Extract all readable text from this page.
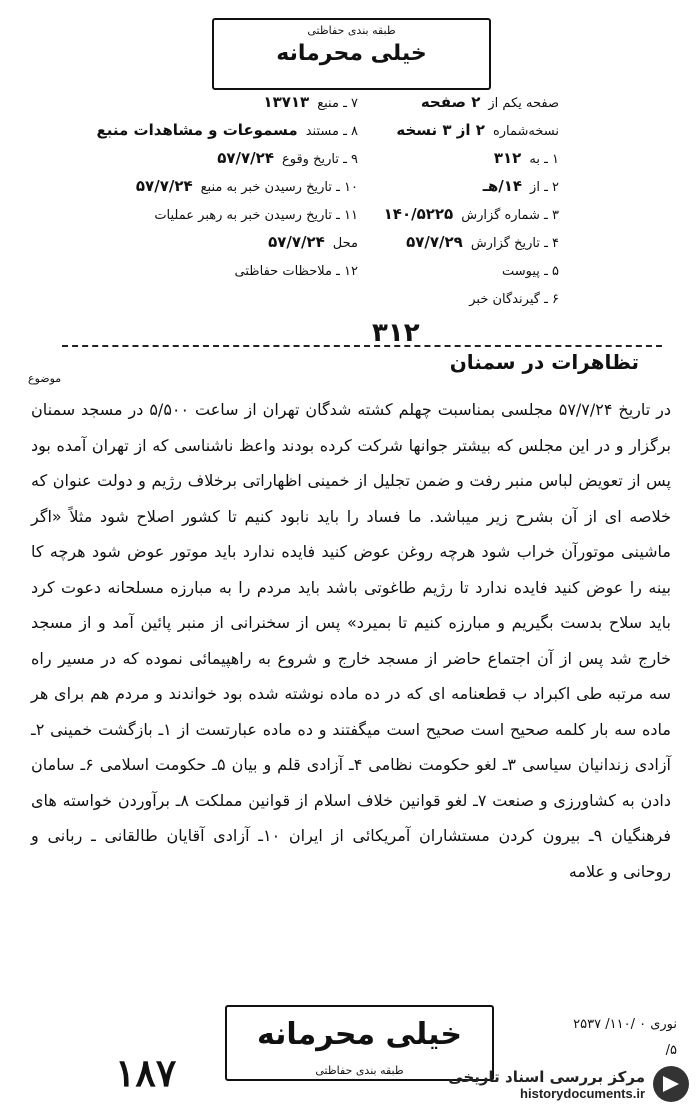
طبقه بندی حفاظتی
خیلی محرمانه
صفحه یکم از۲ صفحه
نسخه‌شماره۲ از ۳ نسخه
۱ ـ به۳۱۲
۲ ـ از۱۴/هـ
۳ ـ شماره گزارش۱۴۰/۵۲۲۵
۴ ـ تاریخ گزارش۵۷/۷/۲۹
۵ ـ پیوست
۶ ـ گیرندگان خبر
۷ ـ منبع۱۳۷۱۳
۸ ـ مستندمسموعات و مشاهدات منبع
۹ ـ تاریخ وقوع۵۷/۷/۲۴
۱۰ ـ تاریخ رسیدن خبر به منبع۵۷/۷/۲۴
۱۱ ـ تاریخ رسیدن خبر به رهبر عملیات
محل۵۷/۷/۲۴
۱۲ ـ ملاحظات حفاظتی
۳۱۲
تظاهرات در سمنان
موضوع

در تاریخ ۵۷/۷/۲۴ مجلسی بمناسبت چهلم کشته شدگان تهران از ساعت ۵/۵۰۰ در مسجد سمنان برگزار و در این مجلس که بیشتر جوانها شرکت کرده بودند واعظ ناشناسی که از تهران آمده بود پس از تعویض لباس منبر رفت و ضمن تجلیل از خمینی اظهاراتی برخلاف رژیم و دولت عنوان که خلاصه ای از آن بشرح زیر میباشد. ما فساد را باید نابود کنیم تا کشور اصلاح شود مثلاً «اگر ماشینی موتورآن خراب شود هرچه روغن عوض کنید فایده ندارد باید موتور عوض شود هرچه کا بینه را عوض کنید فایده ندارد تا رژیم طاغوتی باشد باید مردم را به مبارزه مسلحانه دعوت کرد باید سلاح بدست بگیریم و مبارزه کنیم تا بمیرد» پس از سخنرانی از منبر پائین آمد و از مسجد خارج شد پس از آن اجتماع حاضر از مسجد خارج و شروع به راهپیمائی نموده که در مسیر راه سه مرتبه طی اکبراد ب قطعنامه ای که در ده ماده نوشته شده بود خواندند و مردم هم برای هر ماده سه بار کلمه صحیح است صحیح است میگفتند و ده ماده عبارتست از ۱ـ بازگشت خمینی ۲ـ آزادی زندانیان سیاسی ۳ـ لغو حکومت نظامی ۴ـ آزادی قلم و بیان ۵ـ حکومت اسلامی ۶ـ سامان دادن به کشاورزی و صنعت ۷ـ لغو قوانین خلاف اسلام از قوانین مملکت ۸ـ برآوردن خواسته های فرهنگیان ۹ـ بیرون کردن مستشاران آمریکائی از ایران ۱۰ـ آزادی آقایان طالقانی ـ ربانی و روحانی و علامه

نوری ۰ /۱۱۰/ ۲۵۳۷
۵/
خیلی محرمانه
طبقه بندی حفاظتی
۱۸۷	مرکز بررسی اسناد تاریخی
historydocuments.ir
